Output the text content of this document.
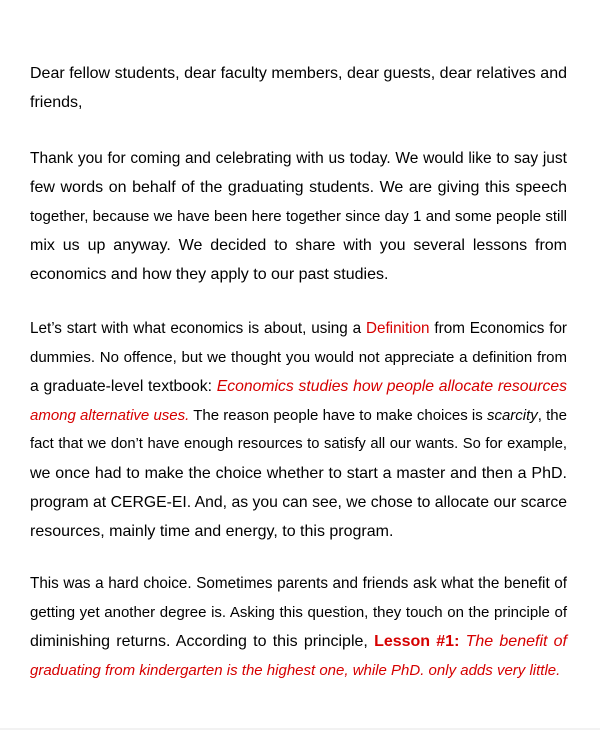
Dear fellow students, dear faculty members, dear guests, dear relatives and
friends,
Thank you for coming and celebrating with us today. We would like to say just
few words on behalf of the graduating students. We are giving this speech
together, because we have been here together since day 1 and some people still
mix us up anyway. We decided to share with you several lessons from
economics and how they apply to our past studies.
Let’s start with what economics is about, using a Definition from Economics for
dummies. No offence, but we thought you would not appreciate a definition from
a graduate-level textbook: Economics studies how people allocate resources
among alternative uses. The reason people have to make choices is scarcity, the
fact that we don’t have enough resources to satisfy all our wants. So for example,
we once had to make the choice whether to start a master and then a PhD.
program at CERGE-EI. And, as you can see, we chose to allocate our scarce
resources, mainly time and energy, to this program.
This was a hard choice. Sometimes parents and friends ask what the benefit of
getting yet another degree is. Asking this question, they touch on the principle of
diminishing returns. According to this principle, Lesson #1: The benefit of
graduating from kindergarten is the highest one, while PhD. only adds very little.
